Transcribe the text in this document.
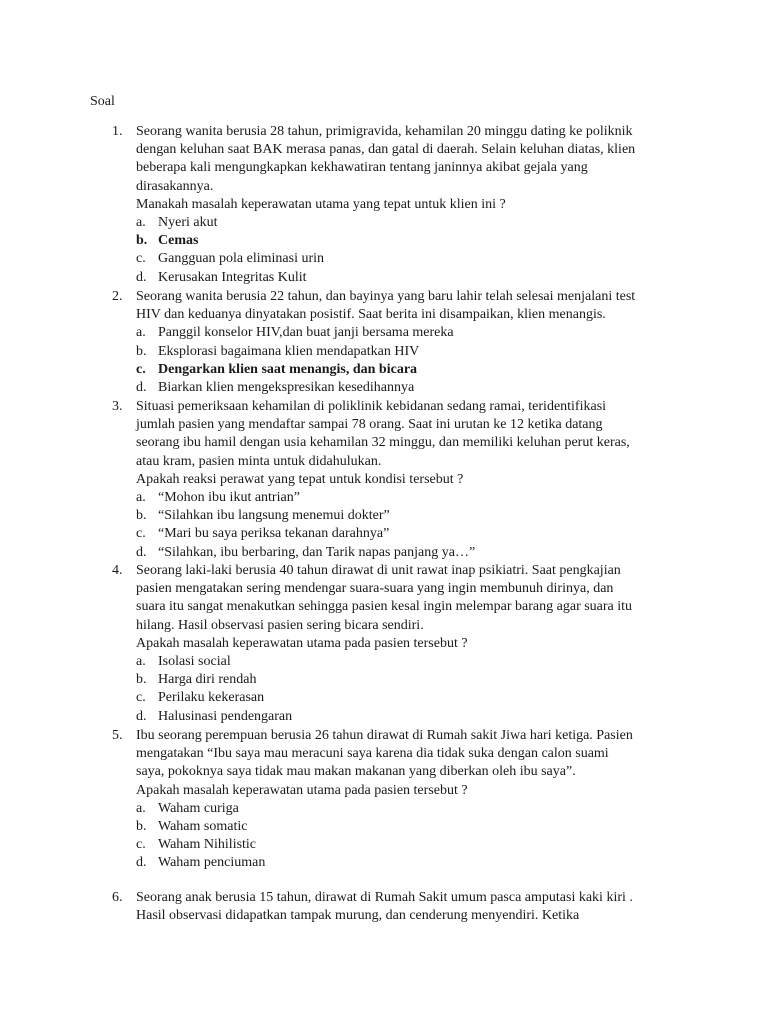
Soal
1. Seorang wanita berusia 28 tahun, primigravida, kehamilan 20 minggu dating ke poliknik
dengan keluhan saat BAK merasa panas, dan gatal di daerah. Selain keluhan diatas, klien
beberapa kali mengungkapkan kekhawatiran tentang janinnya akibat gejala yang
dirasakannya.
Manakah masalah keperawatan utama yang tepat untuk klien ini ?
a. Nyeri akut
b. Cemas
c. Gangguan pola eliminasi urin
d. Kerusakan Integritas Kulit
2. Seorang wanita berusia 22 tahun, dan bayinya yang baru lahir telah selesai menjalani test
HIV dan keduanya dinyatakan posistif. Saat berita ini disampaikan, klien menangis.
a. Panggil konselor HIV,dan buat janji bersama mereka
b. Eksplorasi bagaimana klien mendapatkan HIV
c. Dengarkan klien saat menangis, dan bicara
d. Biarkan klien mengekspresikan kesedihannya
3. Situasi pemeriksaan kehamilan di poliklinik kebidanan sedang ramai, teridentifikasi
jumlah pasien yang mendaftar sampai 78 orang. Saat ini urutan ke 12 ketika datang
seorang ibu hamil dengan usia kehamilan 32 minggu, dan memiliki keluhan perut keras,
atau kram, pasien minta untuk didahulukan.
Apakah reaksi perawat yang tepat untuk kondisi tersebut ?
a. “Mohon ibu ikut antrian”
b. “Silahkan ibu langsung menemui dokter”
c. “Mari bu saya periksa tekanan darahnya”
d. “Silahkan, ibu berbaring, dan Tarik napas panjang ya…”
4. Seorang laki-laki berusia 40 tahun dirawat di unit rawat inap psikiatri. Saat pengkajian
pasien mengatakan sering mendengar suara-suara yang ingin membunuh dirinya, dan
suara itu sangat menakutkan sehingga pasien kesal ingin melempar barang agar suara itu
hilang. Hasil observasi pasien sering bicara sendiri.
Apakah masalah keperawatan utama pada pasien tersebut ?
a. Isolasi social
b. Harga diri rendah
c. Perilaku kekerasan
d. Halusinasi pendengaran
5. Ibu seorang perempuan berusia 26 tahun dirawat di Rumah sakit Jiwa hari ketiga. Pasien
mengatakan “Ibu saya mau meracuni saya karena dia tidak suka dengan calon suami
saya, pokoknya saya tidak mau makan makanan yang diberkan oleh ibu saya”.
Apakah masalah keperawatan utama pada pasien tersebut ?
a. Waham curiga
b. Waham somatic
c. Waham Nihilistic
d. Waham penciuman
6. Seorang anak berusia 15 tahun, dirawat di Rumah Sakit umum pasca amputasi kaki kiri .
Hasil observasi didapatkan tampak murung, dan cenderung menyendiri. Ketika
